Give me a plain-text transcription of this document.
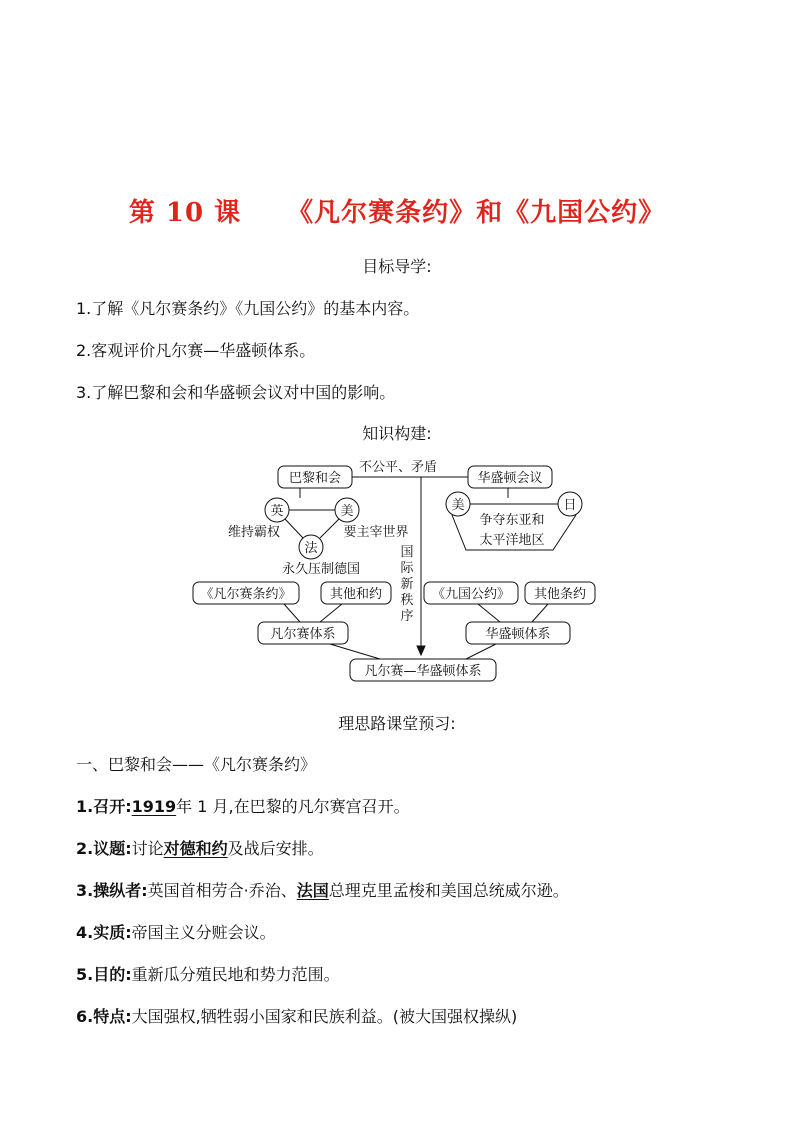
第 10 课 《凡尔赛条约》和《九国公约》
目标导学:
1.了解《凡尔赛条约》《九国公约》的基本内容。
2.客观评价凡尔赛—华盛顿体系。
3.了解巴黎和会和华盛顿会议对中国的影响。
知识构建:
巴黎和会
不公平、矛盾
华盛顿会议
英	美
法
维持霸权	要主宰世界
永久压制德国
美	日
争夺东亚和
太平洋地区
国
际
新
秩
序
《凡尔赛条约》	其他和约	《九国公约》 其他条约
凡尔赛体系	华盛顿体系
凡尔赛—华盛顿体系
理思路课堂预习:
一、巴黎和会——《凡尔赛条约》
1.召开:1919年 1 月,在巴黎的凡尔赛宫召开。
2.议题:讨论对德和约及战后安排。
3.操纵者:英国首相劳合·乔治、法国总理克里孟梭和美国总统威尔逊。
4.实质:帝国主义分赃会议。
5.目的:重新瓜分殖民地和势力范围。
6.特点:大国强权,牺牲弱小国家和民族利益。(被大国强权操纵)
